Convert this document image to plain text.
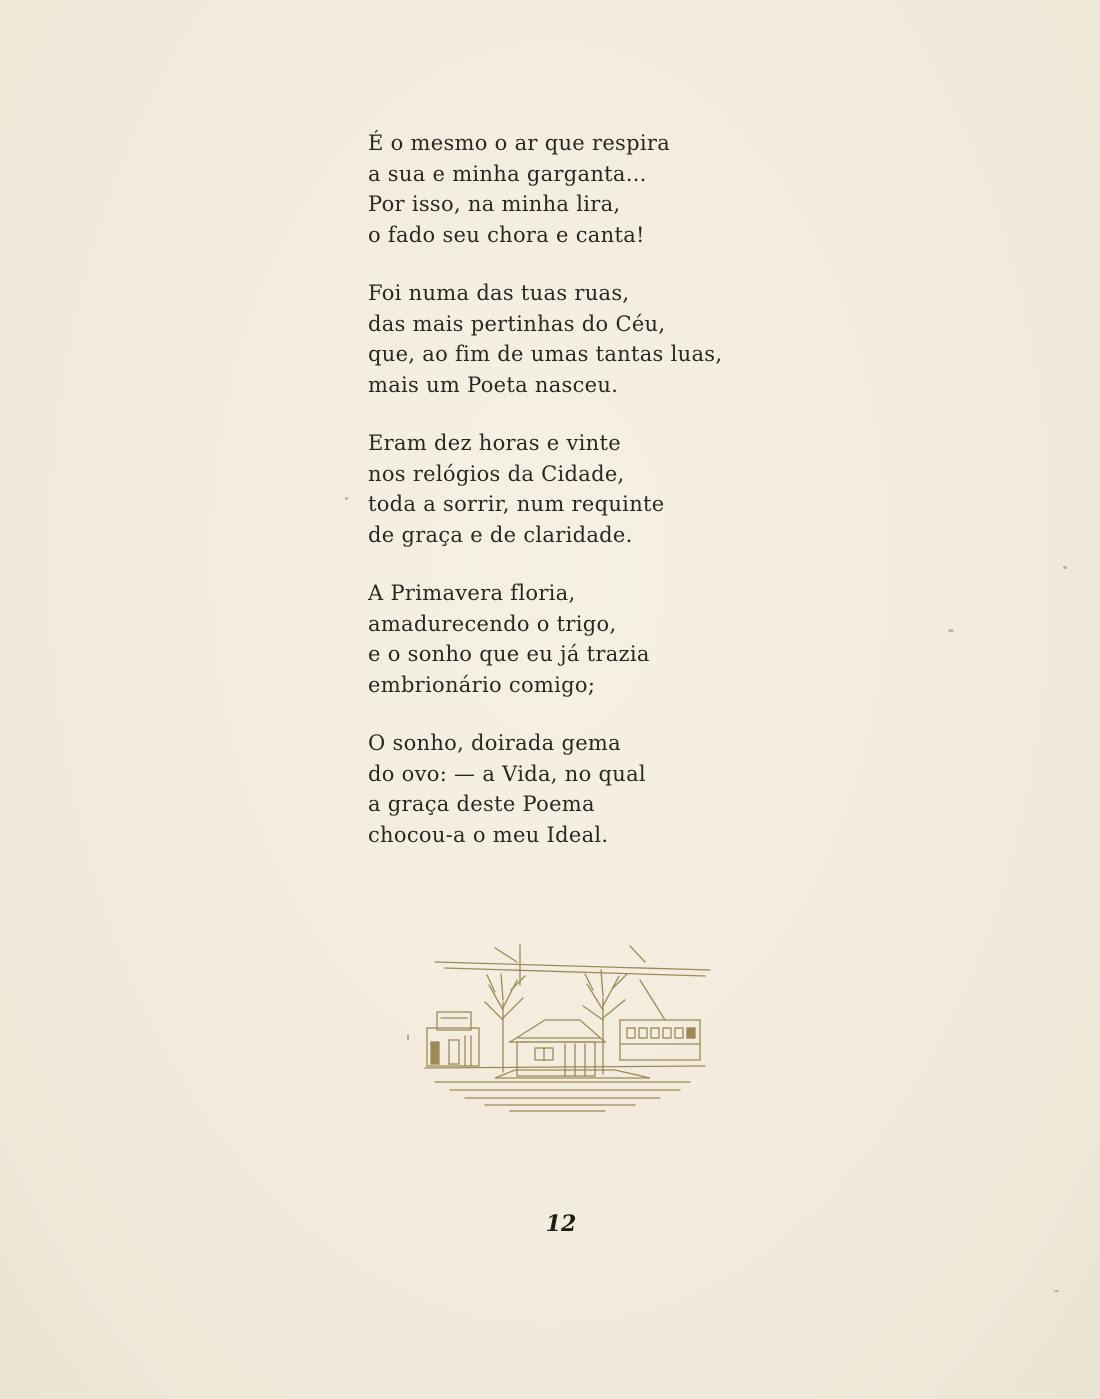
É o mesmo o ar que respira
a sua e minha garganta...
Por isso, na minha lira,
o fado seu chora e canta!
Foi numa das tuas ruas,
das mais pertinhas do Céu,
que, ao fim de umas tantas luas,
mais um Poeta nasceu.
Eram dez horas e vinte
nos relógios da Cidade,
toda a sorrir, num requinte
de graça e de claridade.
A Primavera floria,
amadurecendo o trigo,
e o sonho que eu já trazia
embrionário comigo;
O sonho, doirada gema
do ovo: — a Vida, no qual
a graça deste Poema
chocou-a o meu Ideal.
12
